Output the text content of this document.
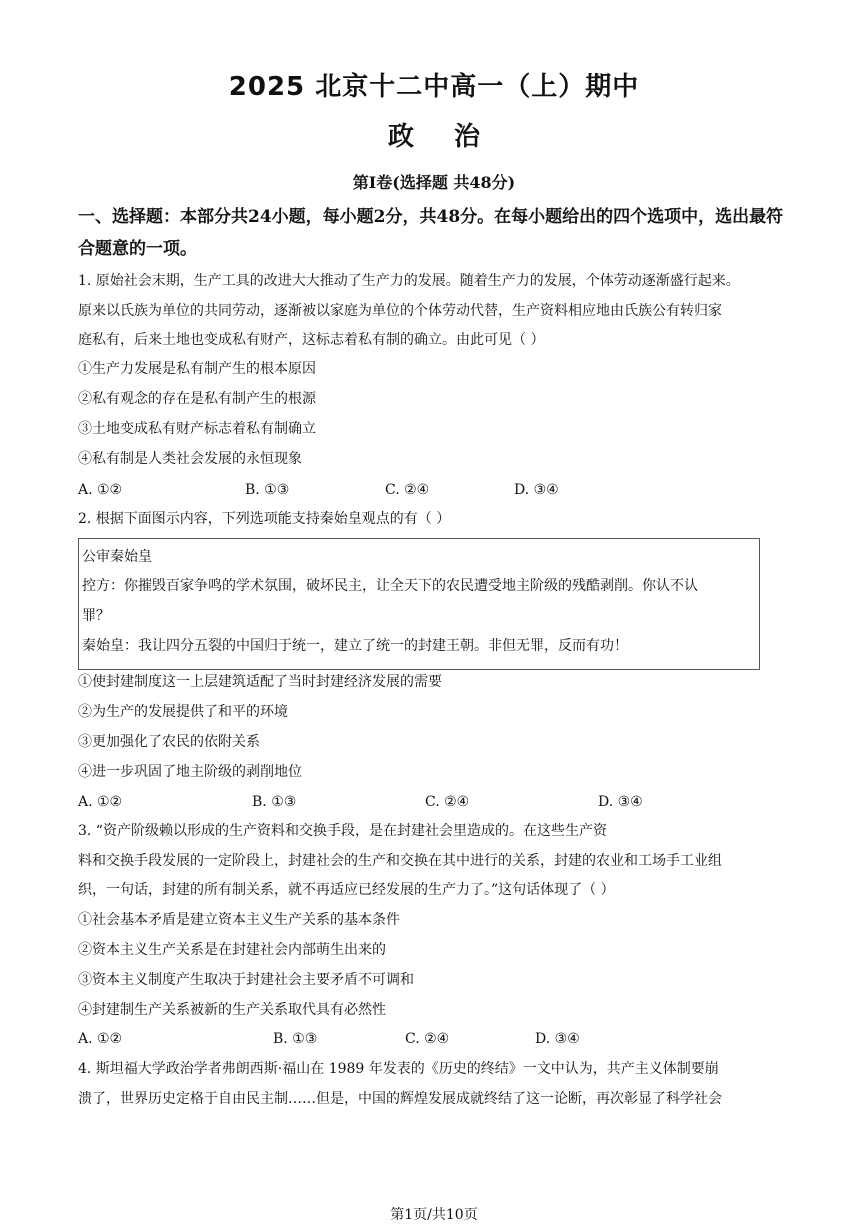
2025 北京十二中高一（上）期中
政治
第Ⅰ卷(选择题 共48分)
一、选择题：本部分共24小题，每小题2分，共48分。在每小题给出的四个选项中，选出最符合题意的一项。
1. 原始社会末期，生产工具的改进大大推动了生产力的发展。随着生产力的发展，个体劳动逐渐盛行起来。
原来以氏族为单位的共同劳动，逐渐被以家庭为单位的个体劳动代替，生产资料相应地由氏族公有转归家
庭私有，后来土地也变成私有财产，这标志着私有制的确立。由此可见（ ）
①生产力发展是私有制产生的根本原因
②私有观念的存在是私有制产生的根源
③土地变成私有财产标志着私有制确立
④私有制是人类社会发展的永恒现象
A. ①②	B. ①③	C. ②④	D. ③④
2. 根据下面图示内容，下列选项能支持秦始皇观点的有（ ）
公审秦始皇
控方：你摧毁百家争鸣的学术氛围，破坏民主，让全天下的农民遭受地主阶级的残酷剥削。你认不认
罪？
秦始皇：我让四分五裂的中国归于统一，建立了统一的封建王朝。非但无罪，反而有功！
①使封建制度这一上层建筑适配了当时封建经济发展的需要
②为生产的发展提供了和平的环境
③更加强化了农民的依附关系
④进一步巩固了地主阶级的剥削地位
A. ①②	B. ①③	C. ②④	D. ③④
3. “资产阶级赖以形成的生产资料和交换手段，是在封建社会里造成的。在这些生产资
料和交换手段发展的一定阶段上，封建社会的生产和交换在其中进行的关系，封建的农业和工场手工业组
织，一句话，封建的所有制关系，就不再适应已经发展的生产力了。”这句话体现了（ ）
①社会基本矛盾是建立资本主义生产关系的基本条件
②资本主义生产关系是在封建社会内部萌生出来的
③资本主义制度产生取决于封建社会主要矛盾不可调和
④封建制生产关系被新的生产关系取代具有必然性
A. ①②	B. ①③	C. ②④	D. ③④
4. 斯坦福大学政治学者弗朗西斯·福山在 1989 年发表的《历史的终结》一文中认为，共产主义体制要崩
溃了，世界历史定格于自由民主制……但是，中国的辉煌发展成就终结了这一论断，再次彰显了科学社会
第1页/共10页
